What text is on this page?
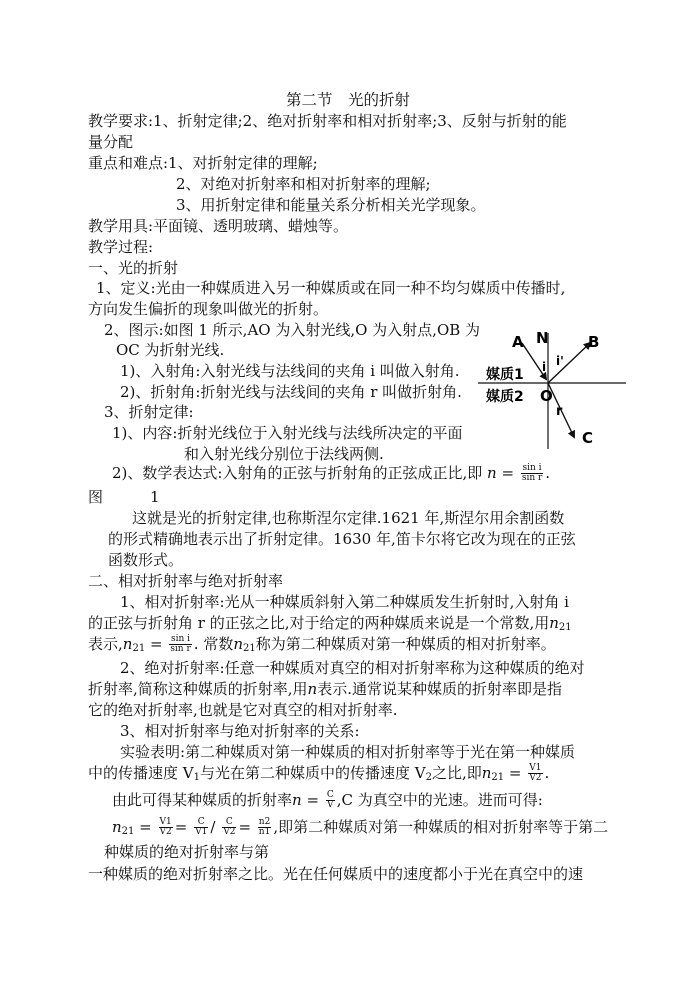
第二节　光的折射
教学要求:1、折射定律;2、绝对折射率和相对折射率;3、反射与折射的能
量分配
重点和难点:1、对折射定律的理解;
2、对绝对折射率和相对折射率的理解;
3、用折射定律和能量关系分析相关光学现象。
教学用具:平面镜、透明玻璃、蜡烛等。
教学过程:
一、光的折射
1、定义:光由一种媒质进入另一种媒质或在同一种不均匀媒质中传播时,
方向发生偏折的现象叫做光的折射。
2、图示:如图 1 所示,AO 为入射光线,O 为入射点,OB 为
OC 为折射光线.
1)、入射角:入射光线与法线间的夹角 i 叫做入射角.
2)、折射角:折射光线与法线间的夹角 r 叫做折射角.
3、折射定律:
1)、内容:折射光线位于入射光线与法线所决定的平面
和入射光线分别位于法线两侧.
2)、数学表达式:入射角的正弦与折射角的正弦成正比,即 $n = \frac{\text{sin i}}{\text{sin r}}$ .
图	1
这就是光的折射定律,也称斯涅尔定律.1621 年,斯涅尔用余割函数
的形式精确地表示出了折射定律。1630 年,笛卡尔将它改为现在的正弦
函数形式。
二、相对折射率与绝对折射率
1、相对折射率:光从一种媒质斜射入第二种媒质发生折射时,入射角 i
的正弦与折射角 r 的正弦之比,对于给定的两种媒质来说是一个常数,用$n_{21}$
表示$,n_{21} = \frac{\text{sin i}}{\text{sin r}}$ . 常数$n_{21}$称为第二种媒质对第一种媒质的相对折射率。
2、绝对折射率:任意一种媒质对真空的相对折射率称为这种媒质的绝对
折射率,简称这种媒质的折射率,用n表示.通常说某种媒质的折射率即是指
它的绝对折射率,也就是它对真空的相对折射率.
3、相对折射率与绝对折射率的关系:
实验表明:第二种媒质对第一种媒质的相对折射率等于光在第一种媒质
中的传播速度 $V_1$与光在第二种媒质中的传播速度 $V_2$之比,即$n_{21} = \frac{V1}{V2}$ .
由此可得某种媒质的折射率$n = \frac{C}{V} ,C$ 为真空中的光速。进而可得:
$n_{21} = \frac{V1}{V2} = \frac{C}{V1} / \frac{C}{V2} = \frac{n2}{n1}$ ,即第二种媒质对第一种媒质的相对折射率等于第二
种媒质的绝对折射率与第
一种媒质的绝对折射率之比。光在任何媒质中的速度都小于光在真空中的速
A N
i i'
B
媒质1
媒质2 O
r
C
